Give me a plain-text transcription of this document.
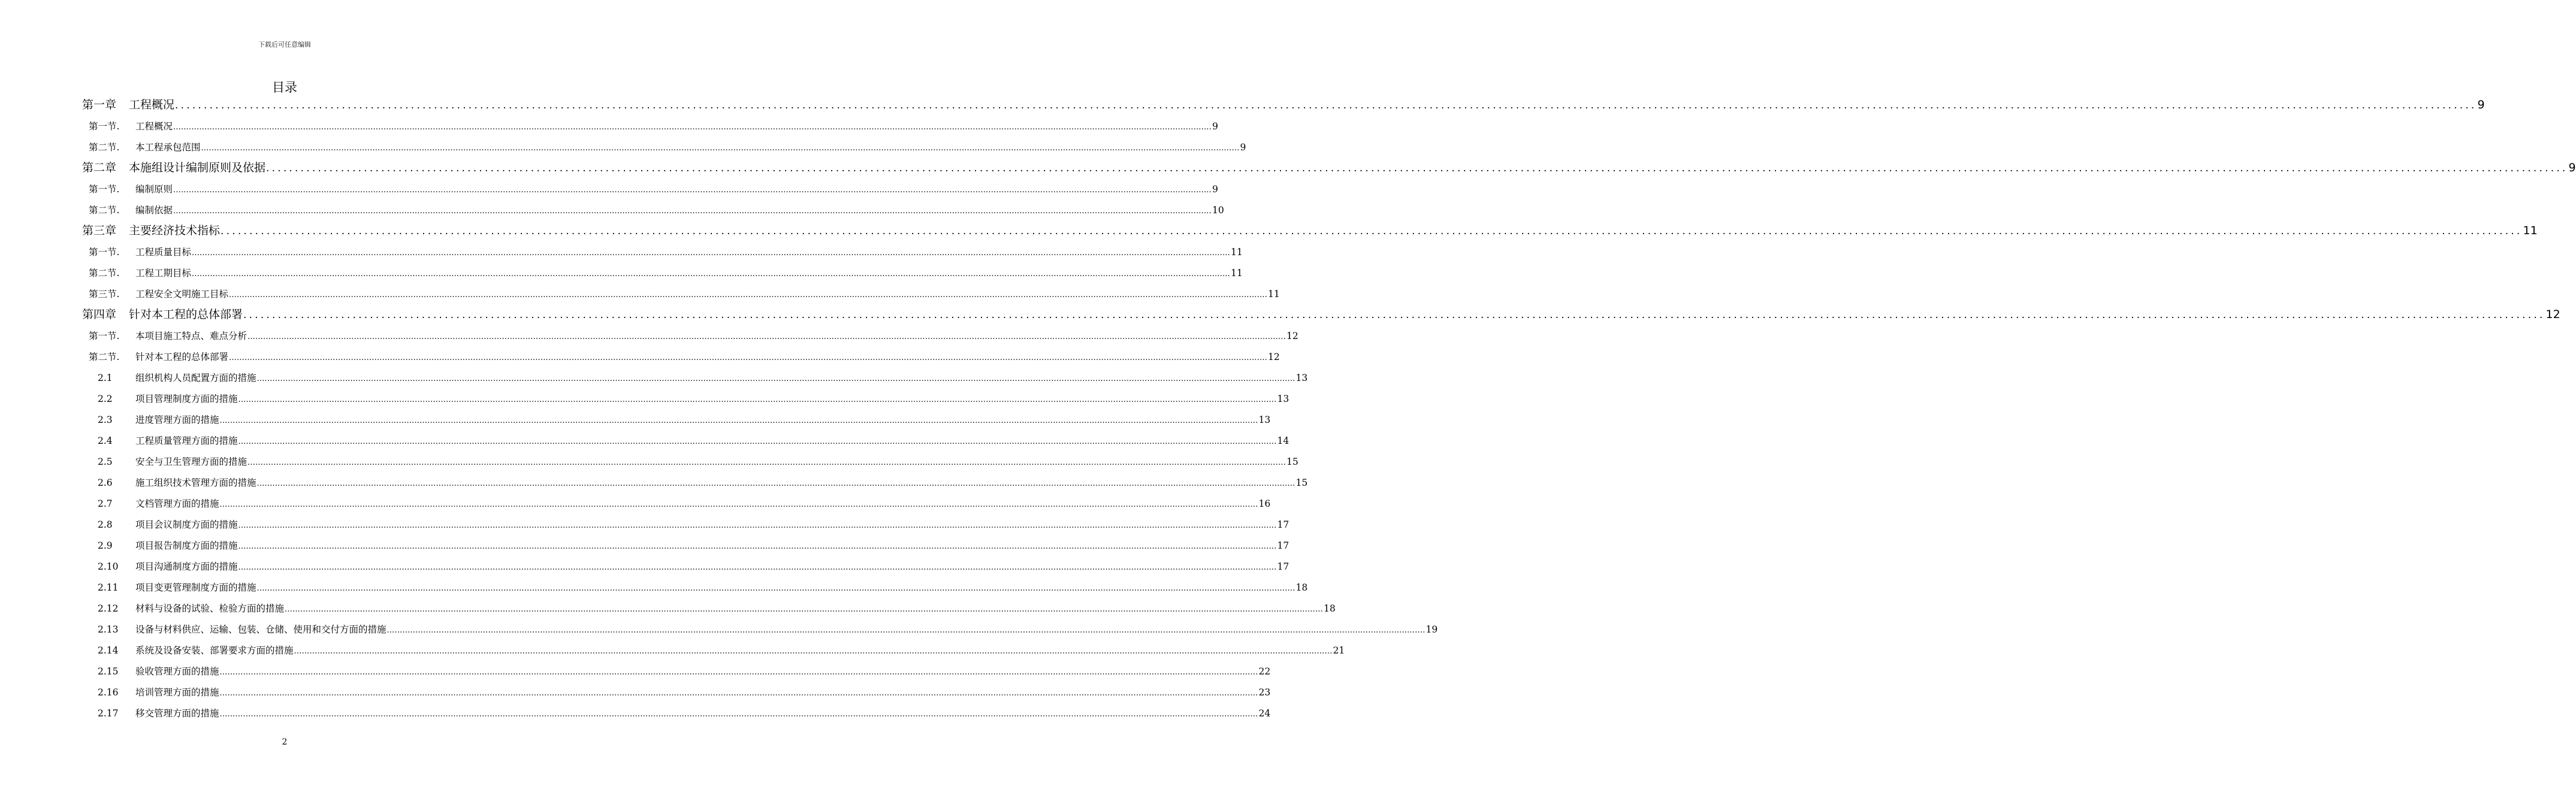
下载后可任意编辑
目录
第一章	工程概况 ................................................................................................................................................................................................................................................................................................................................................................................................................ 9
第一节.	工程概况 ................................................................................................................................................................................................................................................................................................................................................................................................................ 9
第二节.	本工程承包范围 ................................................................................................................................................................................................................................................................................................................................................................................................................ 9
第二章	本施组设计编制原则及依据 ................................................................................................................................................................................................................................................................................................................................................................................................................ 9
第一节.	编制原则 ................................................................................................................................................................................................................................................................................................................................................................................................................ 9
第二节.	编制依据 ................................................................................................................................................................................................................................................................................................................................................................................................................ 10
第三章	主要经济技术指标 ................................................................................................................................................................................................................................................................................................................................................................................................................ 11
第一节.	工程质量目标 ................................................................................................................................................................................................................................................................................................................................................................................................................ 11
第二节.	工程工期目标 ................................................................................................................................................................................................................................................................................................................................................................................................................ 11
第三节.	工程安全文明施工目标 ................................................................................................................................................................................................................................................................................................................................................................................................................ 11
第四章	针对本工程的总体部署 ................................................................................................................................................................................................................................................................................................................................................................................................................ 12
第一节.	本项目施工特点、难点分析 ................................................................................................................................................................................................................................................................................................................................................................................................................ 12
第二节.	针对本工程的总体部署 ................................................................................................................................................................................................................................................................................................................................................................................................................ 12
2.1	组织机构人员配置方面的措施 ................................................................................................................................................................................................................................................................................................................................................................................................................ 13
2.2	项目管理制度方面的措施 ................................................................................................................................................................................................................................................................................................................................................................................................................ 13
2.3	进度管理方面的措施 ................................................................................................................................................................................................................................................................................................................................................................................................................ 13
2.4	工程质量管理方面的措施 ................................................................................................................................................................................................................................................................................................................................................................................................................ 14
2.5	安全与卫生管理方面的措施 ................................................................................................................................................................................................................................................................................................................................................................................................................ 15
2.6	施工组织技术管理方面的措施 ................................................................................................................................................................................................................................................................................................................................................................................................................ 15
2.7	文档管理方面的措施 ................................................................................................................................................................................................................................................................................................................................................................................................................ 16
2.8	项目会议制度方面的措施 ................................................................................................................................................................................................................................................................................................................................................................................................................ 17
2.9	项目报告制度方面的措施 ................................................................................................................................................................................................................................................................................................................................................................................................................ 17
2.10	项目沟通制度方面的措施 ................................................................................................................................................................................................................................................................................................................................................................................................................ 17
2.11	项目变更管理制度方面的措施 ................................................................................................................................................................................................................................................................................................................................................................................................................ 18
2.12	材料与设备的试验、检验方面的措施 ................................................................................................................................................................................................................................................................................................................................................................................................................ 18
2.13	设备与材料供应、运输、包装、仓储、使用和交付方面的措施 ................................................................................................................................................................................................................................................................................................................................................................................................................ 19
2.14	系统及设备安装、部署要求方面的措施 ................................................................................................................................................................................................................................................................................................................................................................................................................ 21
2.15	验收管理方面的措施 ................................................................................................................................................................................................................................................................................................................................................................................................................ 22
2.16	培训管理方面的措施 ................................................................................................................................................................................................................................................................................................................................................................................................................ 23
2.17	移交管理方面的措施 ................................................................................................................................................................................................................................................................................................................................................................................................................ 24
2
